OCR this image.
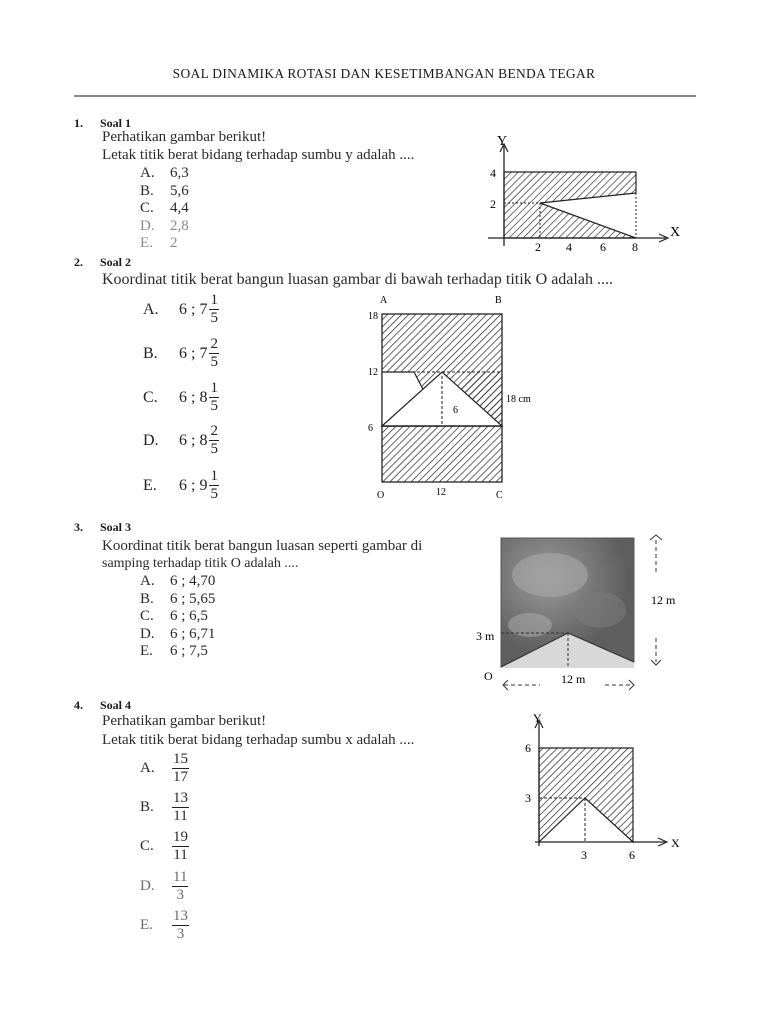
SOAL DINAMIKA ROTASI DAN KESETIMBANGAN BENDA TEGAR
1. Soal 1
Perhatikan gambar berikut!
Letak titik berat bidang terhadap sumbu y adalah ....
A. 6,3
B. 5,6
C. 4,4
D. 2,8
E. 2
Y
X
4
2
2 4 6 8
2. Soal 2
Koordinat titik berat bangun luasan gambar di bawah terhadap titik O adalah ....
A.	6 ; $7 \frac{1}{5}$
B.	6 ; $7 \frac{2}{5}$
C.	6 ; $8 \frac{1}{5}$
D.	6 ; $8 \frac{2}{5}$
E.	6 ; $9 \frac{1}{5}$
A	B
18
12
6
6
18 cm
O	12	C
3. Soal 3
Koordinat titik berat bangun luasan seperti gambar di
samping terhadap titik O adalah ....
A. 6 ; 4,70
B. 6 ; 5,65
C. 6 ; 6,5
D. 6 ; 6,71
E. 6 ; 7,5
12 m
3 m
O	12 m
4. Soal 4
Perhatikan gambar berikut!
Letak titik berat bidang terhadap sumbu x adalah ....
A.	$\frac{15}{17}$
B.	$\frac{13}{11}$
C.	$\frac{19}{11}$
D.	$\frac{11}{3}$
E.	$\frac{13}{3}$
Y
X
6
3
3	6
